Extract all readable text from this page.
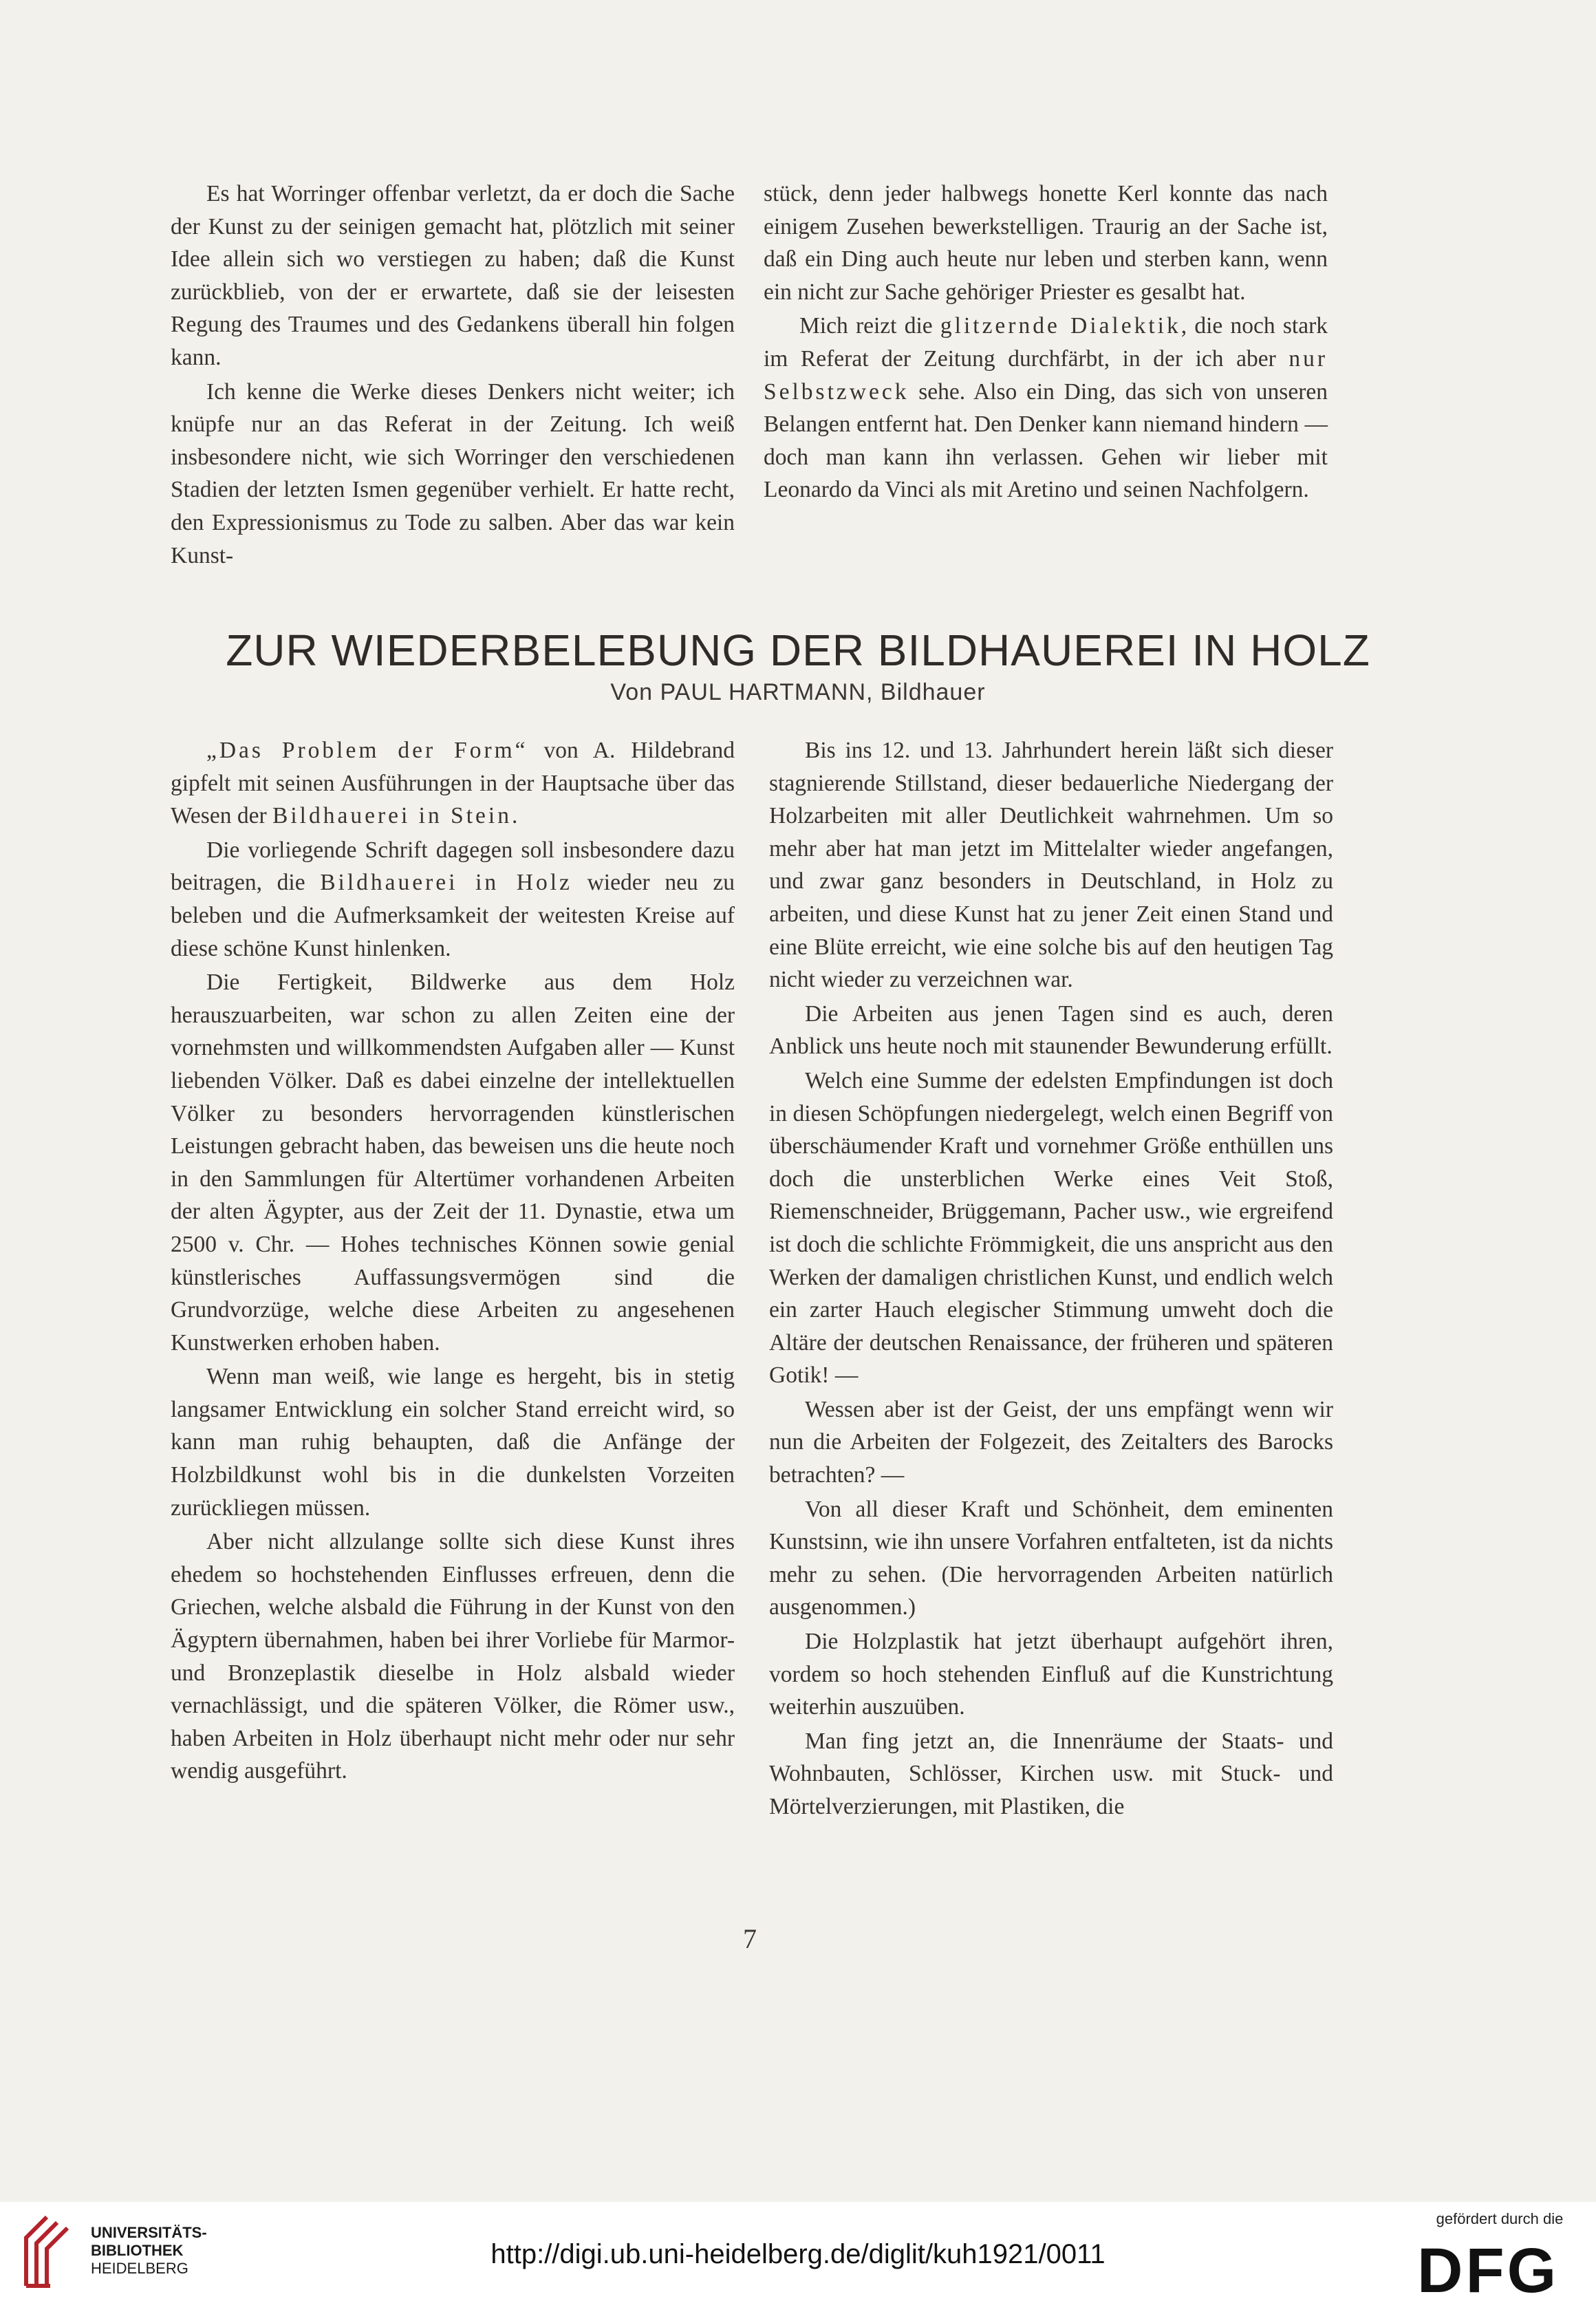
Es hat Worringer offenbar verletzt, da er doch die Sache der Kunst zu der seinigen gemacht hat, plötzlich mit seiner Idee allein sich wo verstiegen zu haben; daß die Kunst zurückblieb, von der er erwartete, daß sie der leisesten Regung des Traumes und des Gedankens überall hin folgen kann.

Ich kenne die Werke dieses Denkers nicht weiter; ich knüpfe nur an das Referat in der Zeitung. Ich weiß insbesondere nicht, wie sich Worringer den verschiedenen Stadien der letzten Ismen gegenüber verhielt. Er hatte recht, den Expressionismus zu Tode zu salben. Aber das war kein Kunst-

stück, denn jeder halbwegs honette Kerl konnte das nach einigem Zusehen bewerkstelligen. Traurig an der Sache ist, daß ein Ding auch heute nur leben und sterben kann, wenn ein nicht zur Sache gehöriger Priester es gesalbt hat.

Mich reizt die glitzernde Dialektik, die noch stark im Referat der Zeitung durchfärbt, in der ich aber nur Selbstzweck sehe. Also ein Ding, das sich von unseren Belangen entfernt hat. Den Denker kann niemand hindern — doch man kann ihn verlassen. Gehen wir lieber mit Leonardo da Vinci als mit Aretino und seinen Nachfolgern.

ZUR WIEDERBELEBUNG DER BILDHAUEREI IN HOLZ
Von PAUL HARTMANN, Bildhauer

„Das Problem der Form“ von A. Hildebrand gipfelt mit seinen Ausführungen in der Hauptsache über das Wesen der Bildhauerei in Stein.

Die vorliegende Schrift dagegen soll insbesondere dazu beitragen, die Bildhauerei in Holz wieder neu zu beleben und die Aufmerksamkeit der weitesten Kreise auf diese schöne Kunst hinlenken.

Die Fertigkeit, Bildwerke aus dem Holz herauszuarbeiten, war schon zu allen Zeiten eine der vornehmsten und willkommendsten Aufgaben aller — Kunst liebenden Völker. Daß es dabei einzelne der intellektuellen Völker zu besonders hervorragenden künstlerischen Leistungen gebracht haben, das beweisen uns die heute noch in den Sammlungen für Altertümer vorhandenen Arbeiten der alten Ägypter, aus der Zeit der 11. Dynastie, etwa um 2500 v. Chr. — Hohes technisches Können sowie genial künstlerisches Auffassungsvermögen sind die Grundvorzüge, welche diese Arbeiten zu angesehenen Kunstwerken erhoben haben.

Wenn man weiß, wie lange es hergeht, bis in stetig langsamer Entwicklung ein solcher Stand erreicht wird, so kann man ruhig behaupten, daß die Anfänge der Holzbildkunst wohl bis in die dunkelsten Vorzeiten zurückliegen müssen.

Aber nicht allzulange sollte sich diese Kunst ihres ehedem so hochstehenden Einflusses erfreuen, denn die Griechen, welche alsbald die Führung in der Kunst von den Ägyptern übernahmen, haben bei ihrer Vorliebe für Marmor- und Bronzeplastik dieselbe in Holz alsbald wieder vernachlässigt, und die späteren Völker, die Römer usw., haben Arbeiten in Holz überhaupt nicht mehr oder nur sehr wendig ausgeführt.

Bis ins 12. und 13. Jahrhundert herein läßt sich dieser stagnierende Stillstand, dieser bedauerliche Niedergang der Holzarbeiten mit aller Deutlichkeit wahrnehmen. Um so mehr aber hat man jetzt im Mittelalter wieder angefangen, und zwar ganz besonders in Deutschland, in Holz zu arbeiten, und diese Kunst hat zu jener Zeit einen Stand und eine Blüte erreicht, wie eine solche bis auf den heutigen Tag nicht wieder zu verzeichnen war.

Die Arbeiten aus jenen Tagen sind es auch, deren Anblick uns heute noch mit staunender Bewunderung erfüllt.

Welch eine Summe der edelsten Empfindungen ist doch in diesen Schöpfungen niedergelegt, welch einen Begriff von überschäumender Kraft und vornehmer Größe enthüllen uns doch die unsterblichen Werke eines Veit Stoß, Riemenschneider, Brüggemann, Pacher usw., wie ergreifend ist doch die schlichte Frömmigkeit, die uns anspricht aus den Werken der damaligen christlichen Kunst, und endlich welch ein zarter Hauch elegischer Stimmung umweht doch die Altäre der deutschen Renaissance, der früheren und späteren Gotik! —

Wessen aber ist der Geist, der uns empfängt wenn wir nun die Arbeiten der Folgezeit, des Zeitalters des Barocks betrachten? —

Von all dieser Kraft und Schönheit, dem eminenten Kunstsinn, wie ihn unsere Vorfahren entfalteten, ist da nichts mehr zu sehen. (Die hervorragenden Arbeiten natürlich ausgenommen.)

Die Holzplastik hat jetzt überhaupt aufgehört ihren, vordem so hoch stehenden Einfluß auf die Kunstrichtung weiterhin auszuüben.

Man fing jetzt an, die Innenräume der Staats- und Wohnbauten, Schlösser, Kirchen usw. mit Stuck- und Mörtelverzierungen, mit Plastiken, die

7
UNIVERSITÄTS-
BIBLIOTHEK
HEIDELBERG	http://digi.ub.uni-heidelberg.de/diglit/kuh1921/0011
gefördert durch die
DFG
